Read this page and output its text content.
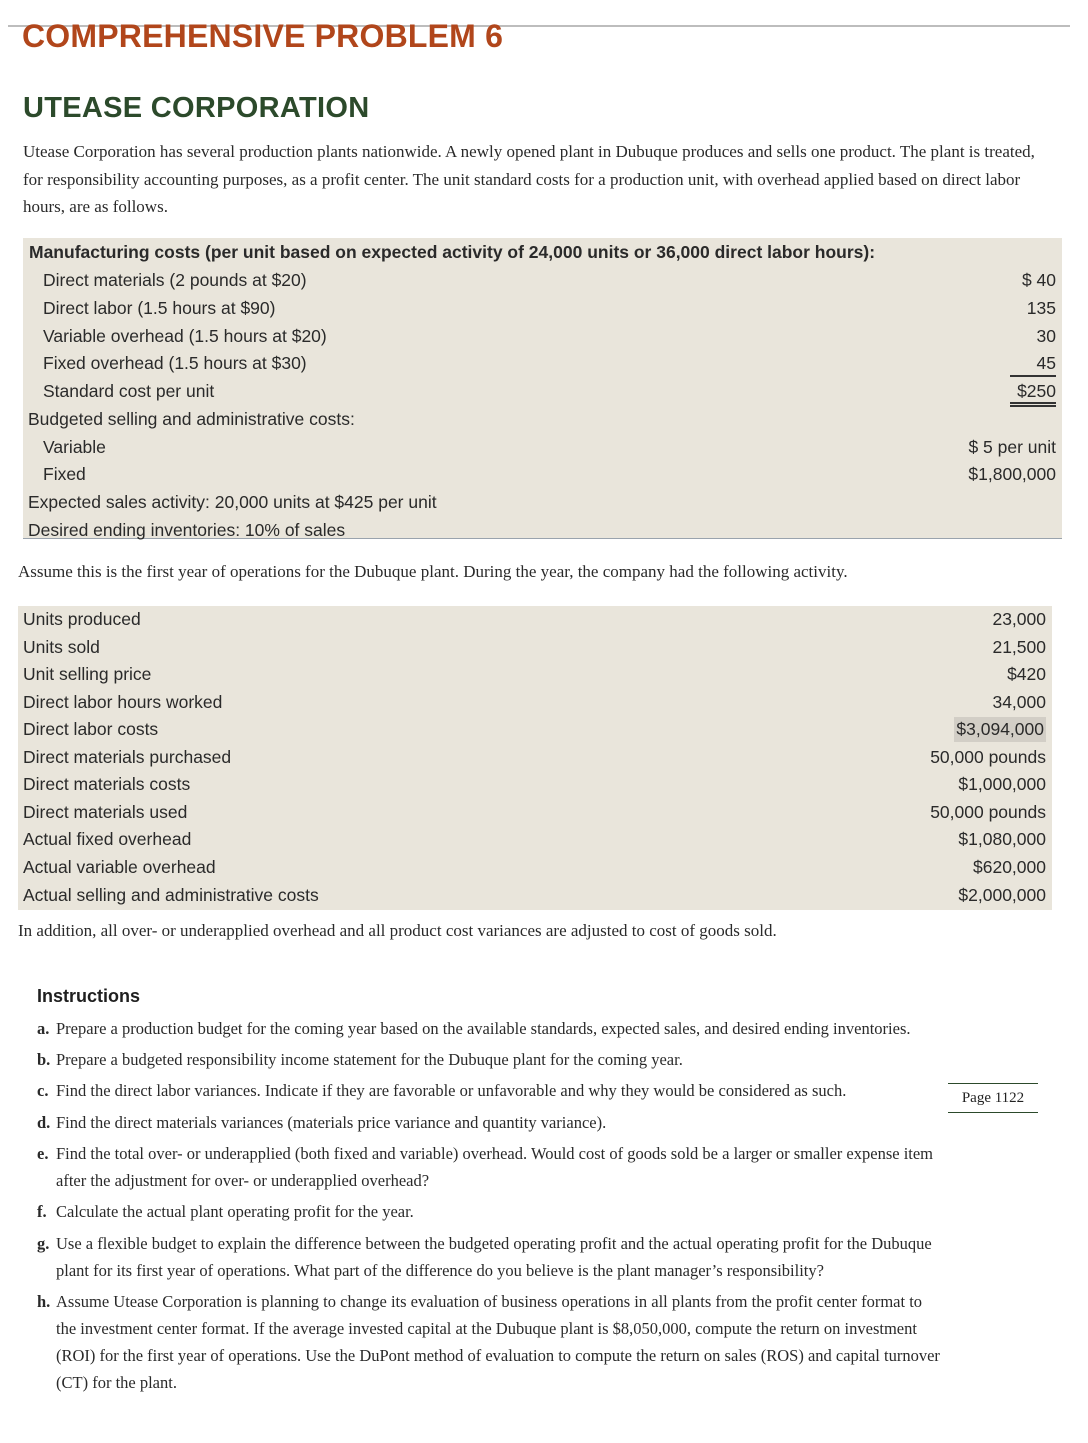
COMPREHENSIVE PROBLEM 6
UTEASE CORPORATION

Utease Corporation has several production plants nationwide. A newly opened plant in Dubuque produces and sells one product. The plant is treated, for responsibility accounting purposes, as a profit center. The unit standard costs for a production unit, with overhead applied based on direct labor hours, are as follows.

Manufacturing costs (per unit based on expected activity of 24,000 units or 36,000 direct labor hours):
Direct materials (2 pounds at $20)	$ 40
Direct labor (1.5 hours at $90)	135
Variable overhead (1.5 hours at $20)	30
Fixed overhead (1.5 hours at $30)	45
Standard cost per unit	$250
Budgeted selling and administrative costs:
Variable	$ 5 per unit
Fixed	$1,800,000
Expected sales activity: 20,000 units at $425 per unit
Desired ending inventories: 10% of sales

Assume this is the first year of operations for the Dubuque plant. During the year, the company had the following activity.

Units produced	23,000
Units sold	21,500
Unit selling price	$420
Direct labor hours worked	34,000
Direct labor costs	$3,094,000
Direct materials purchased	50,000 pounds
Direct materials costs	$1,000,000
Direct materials used	50,000 pounds
Actual fixed overhead	$1,080,000
Actual variable overhead	$620,000
Actual selling and administrative costs	$2,000,000

In addition, all over- or underapplied overhead and all product cost variances are adjusted to cost of goods sold.

Instructions
a. Prepare a production budget for the coming year based on the available standards, expected sales, and desired ending inventories.
b. Prepare a budgeted responsibility income statement for the Dubuque plant for the coming year.
c. Find the direct labor variances. Indicate if they are favorable or unfavorable and why they would be considered as such.	Page 1122
d. Find the direct materials variances (materials price variance and quantity variance).
e. Find the total over- or underapplied (both fixed and variable) overhead. Would cost of goods sold be a larger or smaller expense item
after the adjustment for over- or underapplied overhead?
f. Calculate the actual plant operating profit for the year.
g. Use a flexible budget to explain the difference between the budgeted operating profit and the actual operating profit for the Dubuque
plant for its first year of operations. What part of the difference do you believe is the plant manager’s responsibility?
h. Assume Utease Corporation is planning to change its evaluation of business operations in all plants from the profit center format to
the investment center format. If the average invested capital at the Dubuque plant is $8,050,000, compute the return on investment
(ROI) for the first year of operations. Use the DuPont method of evaluation to compute the return on sales (ROS) and capital turnover
(CT) for the plant.
